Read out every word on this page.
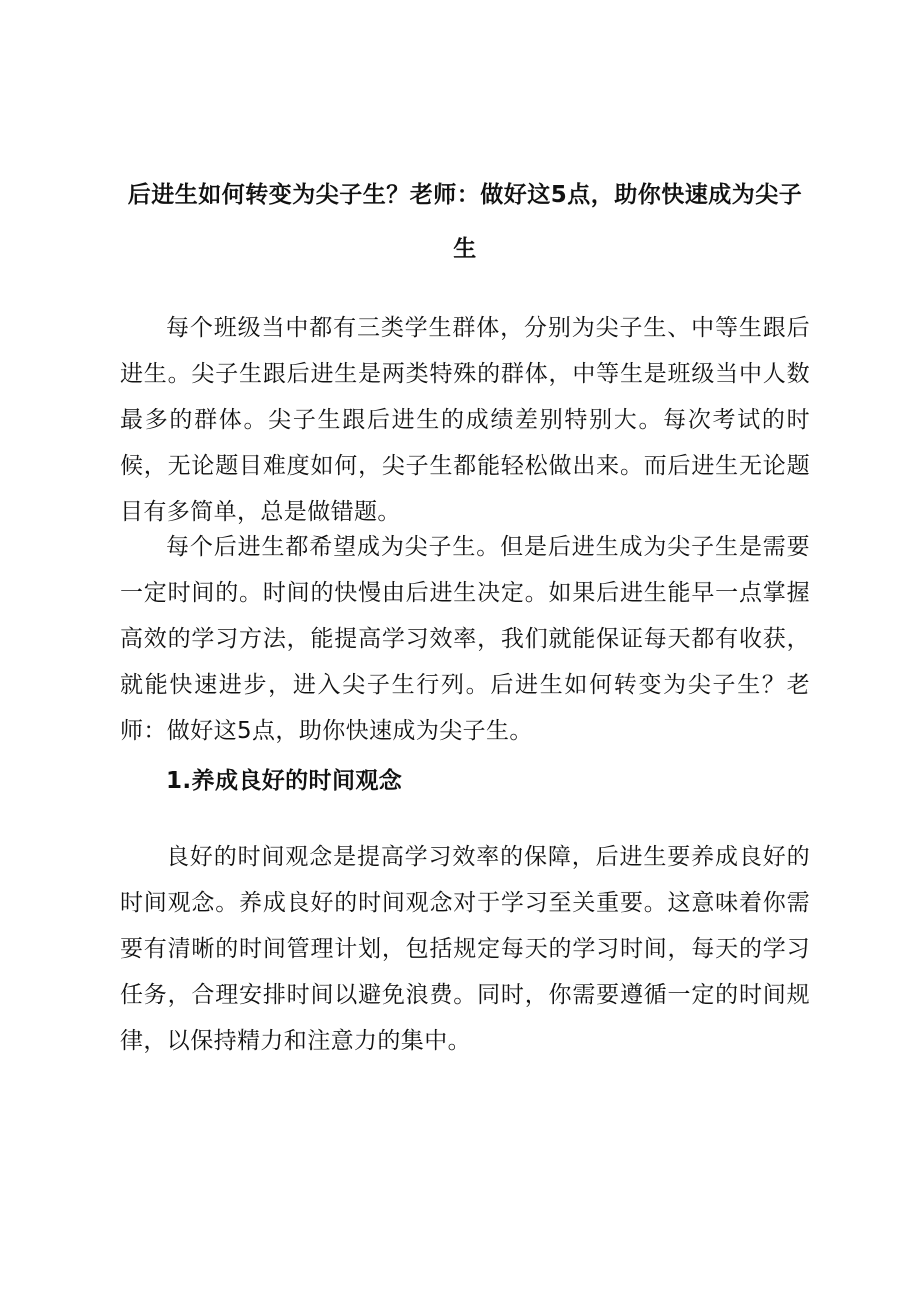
后进生如何转变为尖子生？老师：做好这5点，助你快速成为尖子生

每个班级当中都有三类学生群体，分别为尖子生、中等生跟后进生。尖子生跟后进生是两类特殊的群体，中等生是班级当中人数最多的群体。尖子生跟后进生的成绩差别特别大。每次考试的时候，无论题目难度如何，尖子生都能轻松做出来。而后进生无论题目有多简单，总是做错题。

每个后进生都希望成为尖子生。但是后进生成为尖子生是需要一定时间的。时间的快慢由后进生决定。如果后进生能早一点掌握高效的学习方法，能提高学习效率，我们就能保证每天都有收获，就能快速进步，进入尖子生行列。后进生如何转变为尖子生？老师：做好这5点，助你快速成为尖子生。

1.养成良好的时间观念

良好的时间观念是提高学习效率的保障，后进生要养成良好的时间观念。养成良好的时间观念对于学习至关重要。这意味着你需要有清晰的时间管理计划，包括规定每天的学习时间，每天的学习任务，合理安排时间以避免浪费。同时，你需要遵循一定的时间规律，以保持精力和注意力的集中。
